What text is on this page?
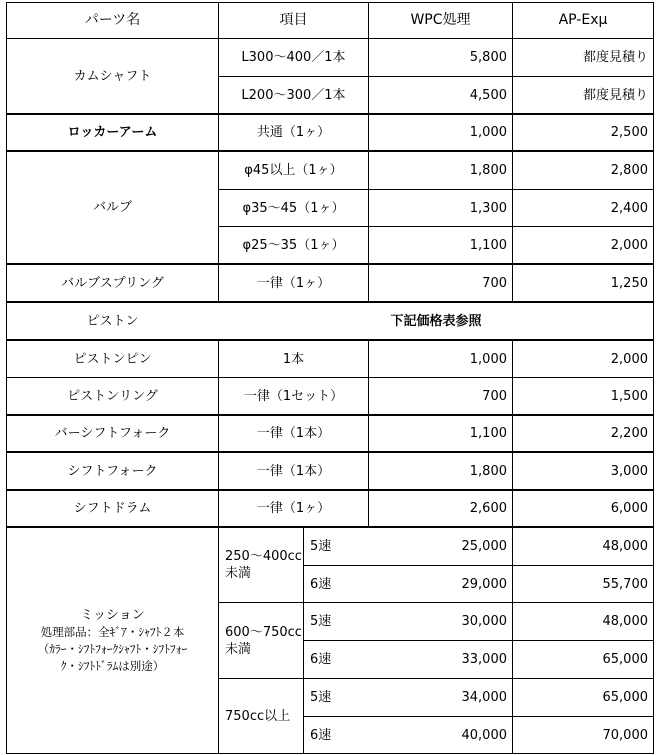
パーツ名	項目	WPC処理	AP-Exμ
カムシャフト
L300～400／1本	5,800	都度見積り
L200～300／1本	4,500	都度見積り
ロッカーアーム	共通（1ヶ）	1,000	2,500
バルブ
φ45以上（1ヶ）	1,800	2,800
φ35～45（1ヶ）	1,300	2,400
φ25～35（1ヶ）	1,100	2,000
バルブスプリング	一律（1ヶ）	700	1,250
ピストン	下記価格表参照
ピストンピン	1本	1,000	2,000
ピストンリング	一律（1セット）	700	1,500
バーシフトフォーク	一律（1本）	1,100	2,200
シフトフォーク	一律（1本）	1,800	3,000
シフトドラム	一律（1ヶ）	2,600	6,000
ミッション
処理部品：全ｷﾞｱ・ｼｬﾌﾄ２本
（ｶﾗｰ・ｼﾌﾄﾌｫｰｸｼｬﾌﾄ・ｼﾌﾄﾌｫｰ
ｸ・ｼﾌﾄﾄﾞﾗﾑは別途）
250～400cc
未満
5速	25,000	48,000
6速	29,000	55,700
600～750cc
未満
5速	30,000	48,000
6速	33,000	65,000
750cc以上
5速	34,000	65,000
6速	40,000	70,000
